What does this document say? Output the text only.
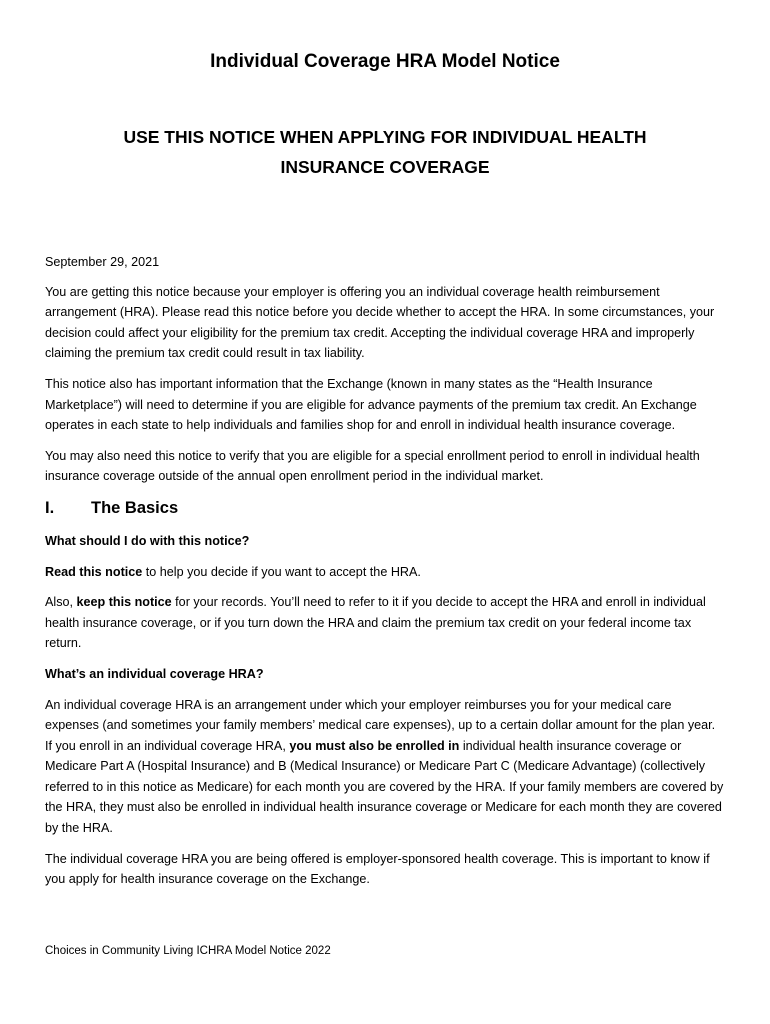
Individual Coverage HRA Model Notice
USE THIS NOTICE WHEN APPLYING FOR INDIVIDUAL HEALTH INSURANCE COVERAGE

September 29, 2021

You are getting this notice because your employer is offering you an individual coverage health reimbursement arrangement (HRA). Please read this notice before you decide whether to accept the HRA. In some circumstances, your decision could affect your eligibility for the premium tax credit. Accepting the individual coverage HRA and improperly claiming the premium tax credit could result in tax liability.

This notice also has important information that the Exchange (known in many states as the “Health Insurance Marketplace”) will need to determine if you are eligible for advance payments of the premium tax credit. An Exchange operates in each state to help individuals and families shop for and enroll in individual health insurance coverage.

You may also need this notice to verify that you are eligible for a special enrollment period to enroll in individual health insurance coverage outside of the annual open enrollment period in the individual market.

I.	The Basics

What should I do with this notice?

Read this notice to help you decide if you want to accept the HRA.

Also, keep this notice for your records. You’ll need to refer to it if you decide to accept the HRA and enroll in individual health insurance coverage, or if you turn down the HRA and claim the premium tax credit on your federal income tax return.

What’s an individual coverage HRA?

An individual coverage HRA is an arrangement under which your employer reimburses you for your medical care expenses (and sometimes your family members’ medical care expenses), up to a certain dollar amount for the plan year. If you enroll in an individual coverage HRA, you must also be enrolled in individual health insurance coverage or Medicare Part A (Hospital Insurance) and B (Medical Insurance) or Medicare Part C (Medicare Advantage) (collectively referred to in this notice as Medicare) for each month you are covered by the HRA. If your family members are covered by the HRA, they must also be enrolled in individual health insurance coverage or Medicare for each month they are covered by the HRA.

The individual coverage HRA you are being offered is employer-sponsored health coverage. This is important to know if you apply for health insurance coverage on the Exchange.

Choices in Community Living ICHRA Model Notice 2022
